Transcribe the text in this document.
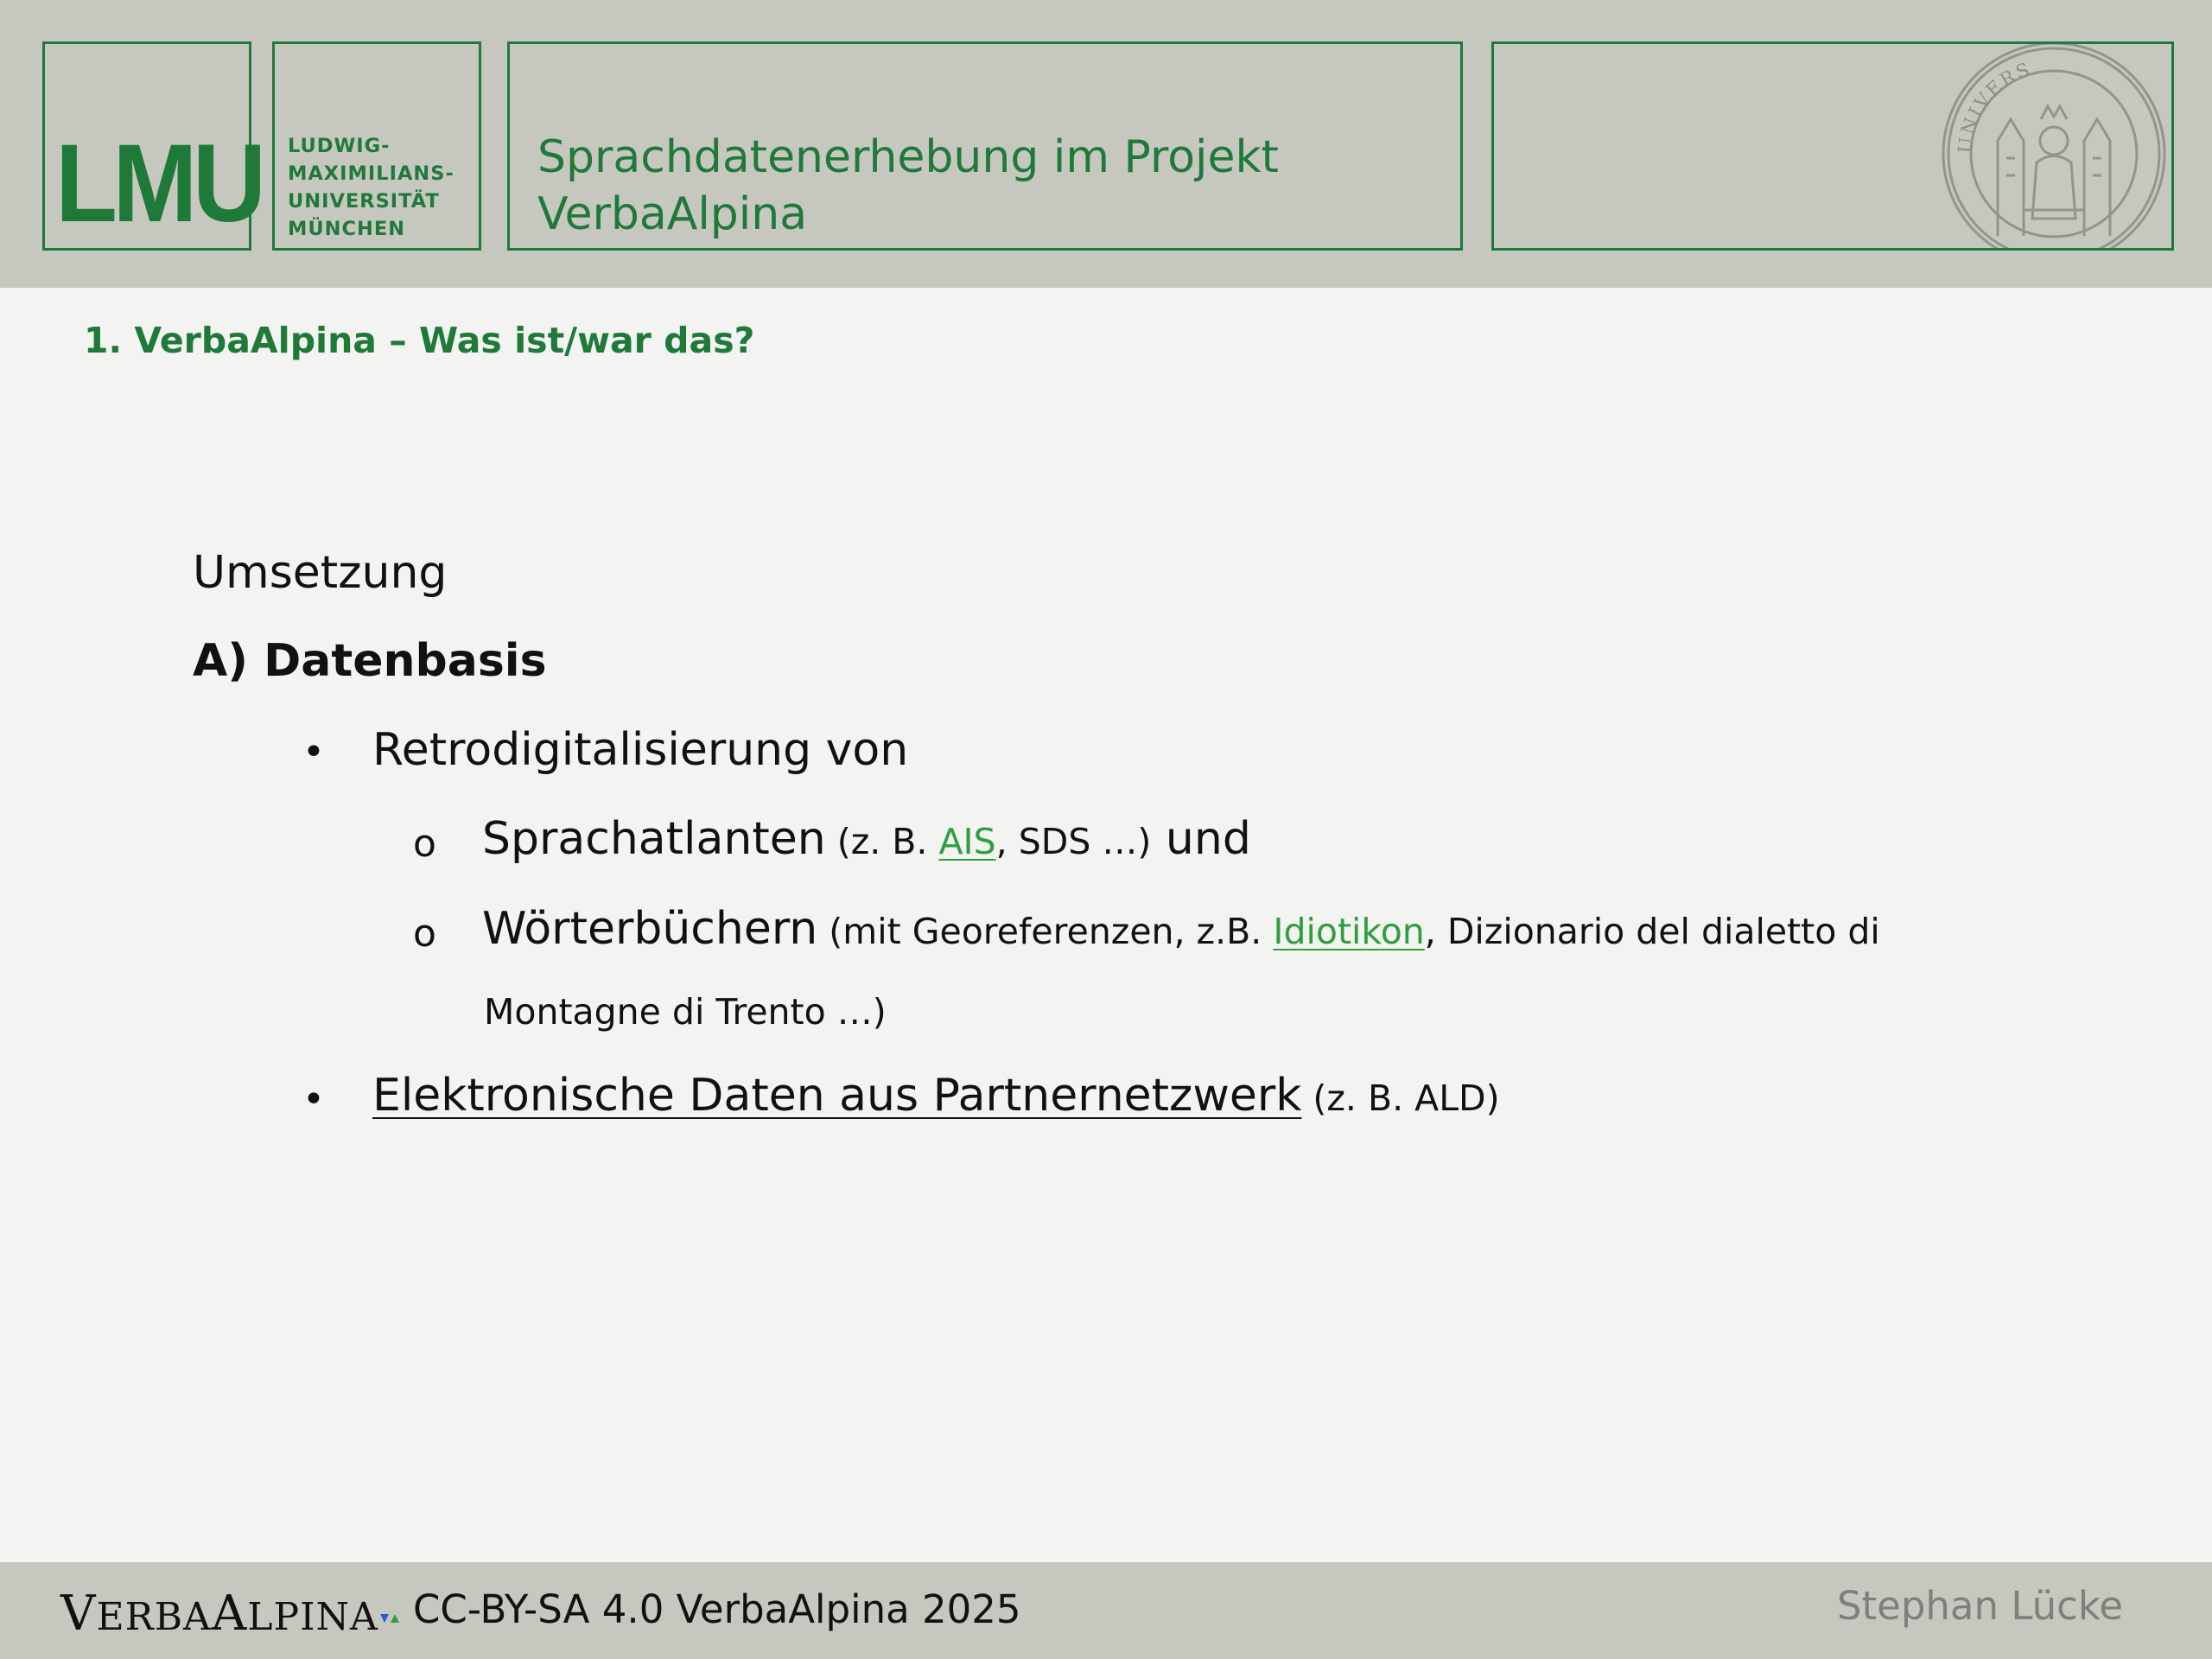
LMU LUDWIG-
MAXIMILIANS-
UNIVERSITÄT
MÜNCHEN
Sprachdatenerhebung im Projekt
VerbaAlpina
UNIVERS
1. VerbaAlpina – Was ist/war das?
Umsetzung
A) Datenbasis
• Retrodigitalisierung von
o Sprachatlanten (z. B. AIS, SDS …) und
o Wörterbüchern (mit Georeferenzen, z.B. Idiotikon, Dizionario del dialetto di
Montagne di Trento …)
• Elektronische Daten aus Partnernetzwerk (z. B. ALD)
VERBAALPINA CC-BY-SA 4.0 VerbaAlpina 2025	Stephan Lücke
